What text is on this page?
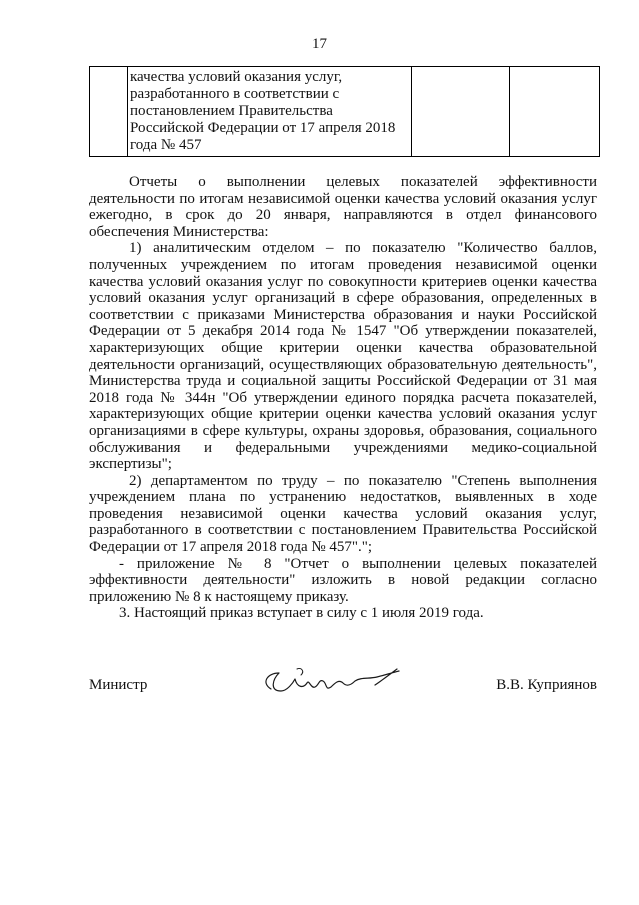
17

качества условий оказания услуг,
разработанного в соответствии с
постановлением Правительства
Российской Федерации от 17 апреля 2018
года № 457

Отчеты о выполнении целевых показателей эффективности
деятельности по итогам независимой оценки качества условий оказания услуг
ежегодно, в срок до 20 января, направляются в отдел финансового
обеспечения Министерства:
1) аналитическим отделом – по показателю "Количество баллов,
полученных учреждением по итогам проведения независимой оценки
качества условий оказания услуг по совокупности критериев оценки качества
условий оказания услуг организаций в сфере образования, определенных в
соответствии с приказами Министерства образования и науки Российской
Федерации от 5 декабря 2014 года № 1547 "Об утверждении показателей,
характеризующих общие критерии оценки качества образовательной
деятельности организаций, осуществляющих образовательную деятельность",
Министерства труда и социальной защиты Российской Федерации от 31 мая
2018 года № 344н "Об утверждении единого порядка расчета показателей,
характеризующих общие критерии оценки качества условий оказания услуг
организациями в сфере культуры, охраны здоровья, образования, социального
обслуживания и федеральными учреждениями медико-социальной
экспертизы";
2) департаментом по труду – по показателю "Степень выполнения
учреждением плана по устранению недостатков, выявленных в ходе
проведения независимой оценки качества условий оказания услуг,
разработанного в соответствии с постановлением Правительства Российской
Федерации от 17 апреля 2018 года № 457".";
- приложение № 8 "Отчет о выполнении целевых показателей
эффективности деятельности" изложить в новой редакции согласно
приложению № 8 к настоящему приказу.
3. Настоящий приказ вступает в силу с 1 июля 2019 года.
Министр	В.В. Куприянов
